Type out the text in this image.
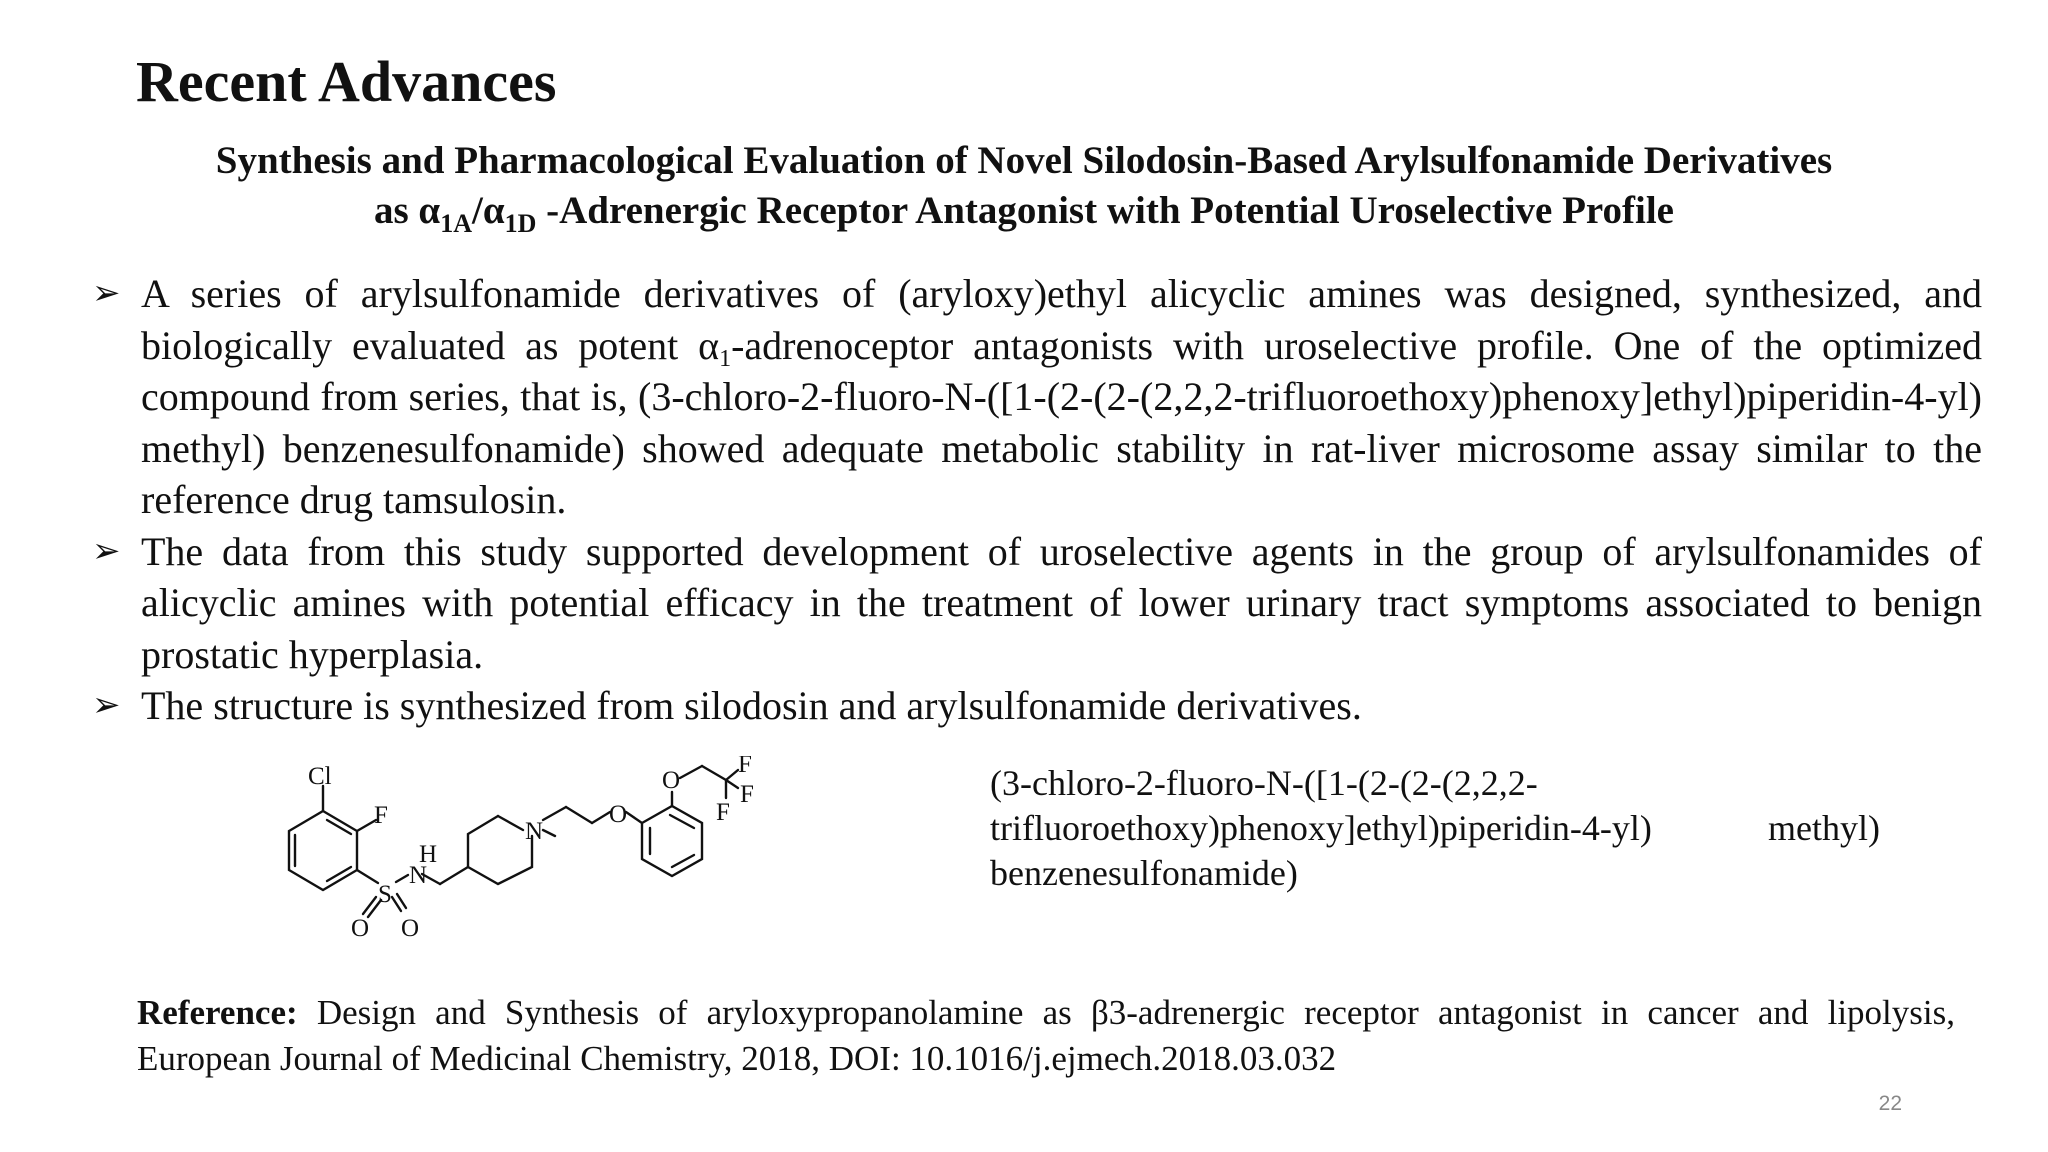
Recent Advances
Synthesis and Pharmacological Evaluation of Novel Silodosin-Based Arylsulfonamide Derivatives
as $\alpha_{1A}/\alpha_{1D}$ -Adrenergic Receptor Antagonist with Potential Uroselective Profile
➢ A series of arylsulfonamide derivatives of (aryloxy)ethyl alicyclic amines was designed, synthesized, and biologically evaluated as potent $\alpha_1$-adrenoceptor antagonists with uroselective profile. One of the optimized compound from series, that is, (3-chloro-2-fluoro-N-([1-(2-(2-(2,2,2-trifluoroethoxy)phenoxy]ethyl)piperidin-4-yl) methyl) benzenesulfonamide) showed adequate metabolic stability in rat-liver microsome assay similar to the reference drug tamsulosin.
➢ The data from this study supported development of uroselective agents in the group of arylsulfonamides of alicyclic amines with potential efficacy in the treatment of lower urinary tract symptoms associated to benign prostatic hyperplasia.
➢ The structure is synthesized from silodosin and arylsulfonamide derivatives.
Cl
F
H
N
S
O O
N
O
O
F
F
F
(3-chloro-2-fluoro-N-([1-(2-(2-(2,2,2-
trifluoroethoxy)phenoxy]ethyl)piperidin-4-yl) methyl)
benzenesulfonamide)

Reference: Design and Synthesis of aryloxypropanolamine as β3-adrenergic receptor antagonist in cancer and lipolysis, European Journal of Medicinal Chemistry, 2018, DOI: 10.1016/j.ejmech.2018.03.032

22
